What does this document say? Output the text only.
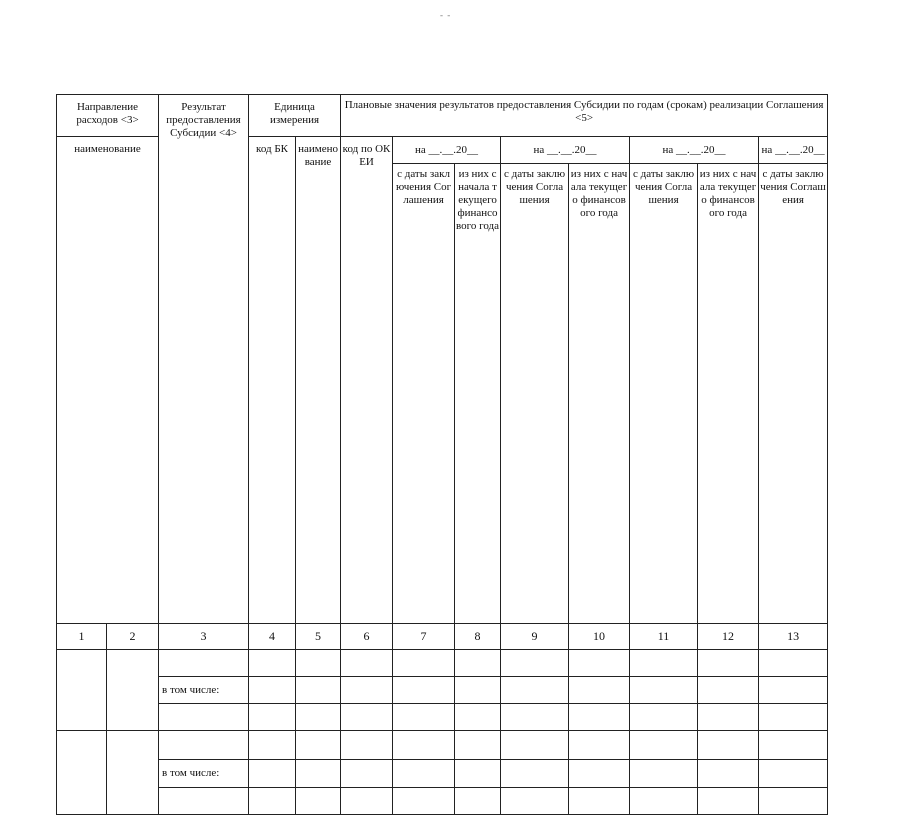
- -
Направление расходов <3>		Результат предоставления Субсидии <4>	Единица измерения		Плановые значения результатов предоставления Субсидии по годам (срокам) реализации Соглашения <5>								
наименование			код БК	наименование	код по ОКЕИ	на __.__.20__		на __.__.20__		на __.__.20__		на __.__.20__	
						с даты заключения Соглашения	из них с начала текущего финансового года	с даты заключения Соглашения	из них с начала текущего финансового года	с даты заключения Соглашения	из них с начала текущего финансового года	с даты заключения Соглашения	
1	2	3	4	5	6	7	8	9	10	11	12	13	

		в том числе:											

		в том числе:											
